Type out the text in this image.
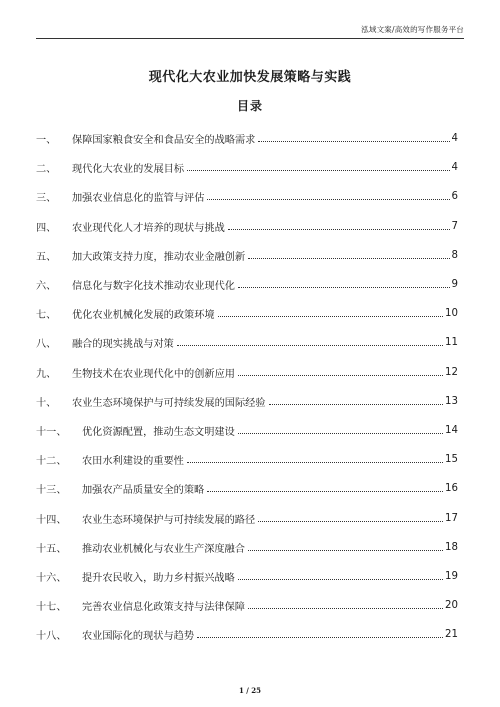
泓域文案/高效的写作服务平台
现代化大农业加快发展策略与实践
目录
一、	保障国家粮食安全和食品安全的战略需求	4
二、	现代化大农业的发展目标	4
三、	加强农业信息化的监管与评估	6
四、	农业现代化人才培养的现状与挑战	7
五、	加大政策支持力度，推动农业金融创新	8
六、	信息化与数字化技术推动农业现代化	9
七、	优化农业机械化发展的政策环境	10
八、	融合的现实挑战与对策	11
九、	生物技术在农业现代化中的创新应用	12
十、	农业生态环境保护与可持续发展的国际经验	13
十一、	优化资源配置，推动生态文明建设	14
十二、	农田水利建设的重要性	15
十三、	加强农产品质量安全的策略	16
十四、	农业生态环境保护与可持续发展的路径	17
十五、	推动农业机械化与农业生产深度融合	18
十六、	提升农民收入，助力乡村振兴战略	19
十七、	完善农业信息化政策支持与法律保障	20
十八、	农业国际化的现状与趋势	21
1 / 25
